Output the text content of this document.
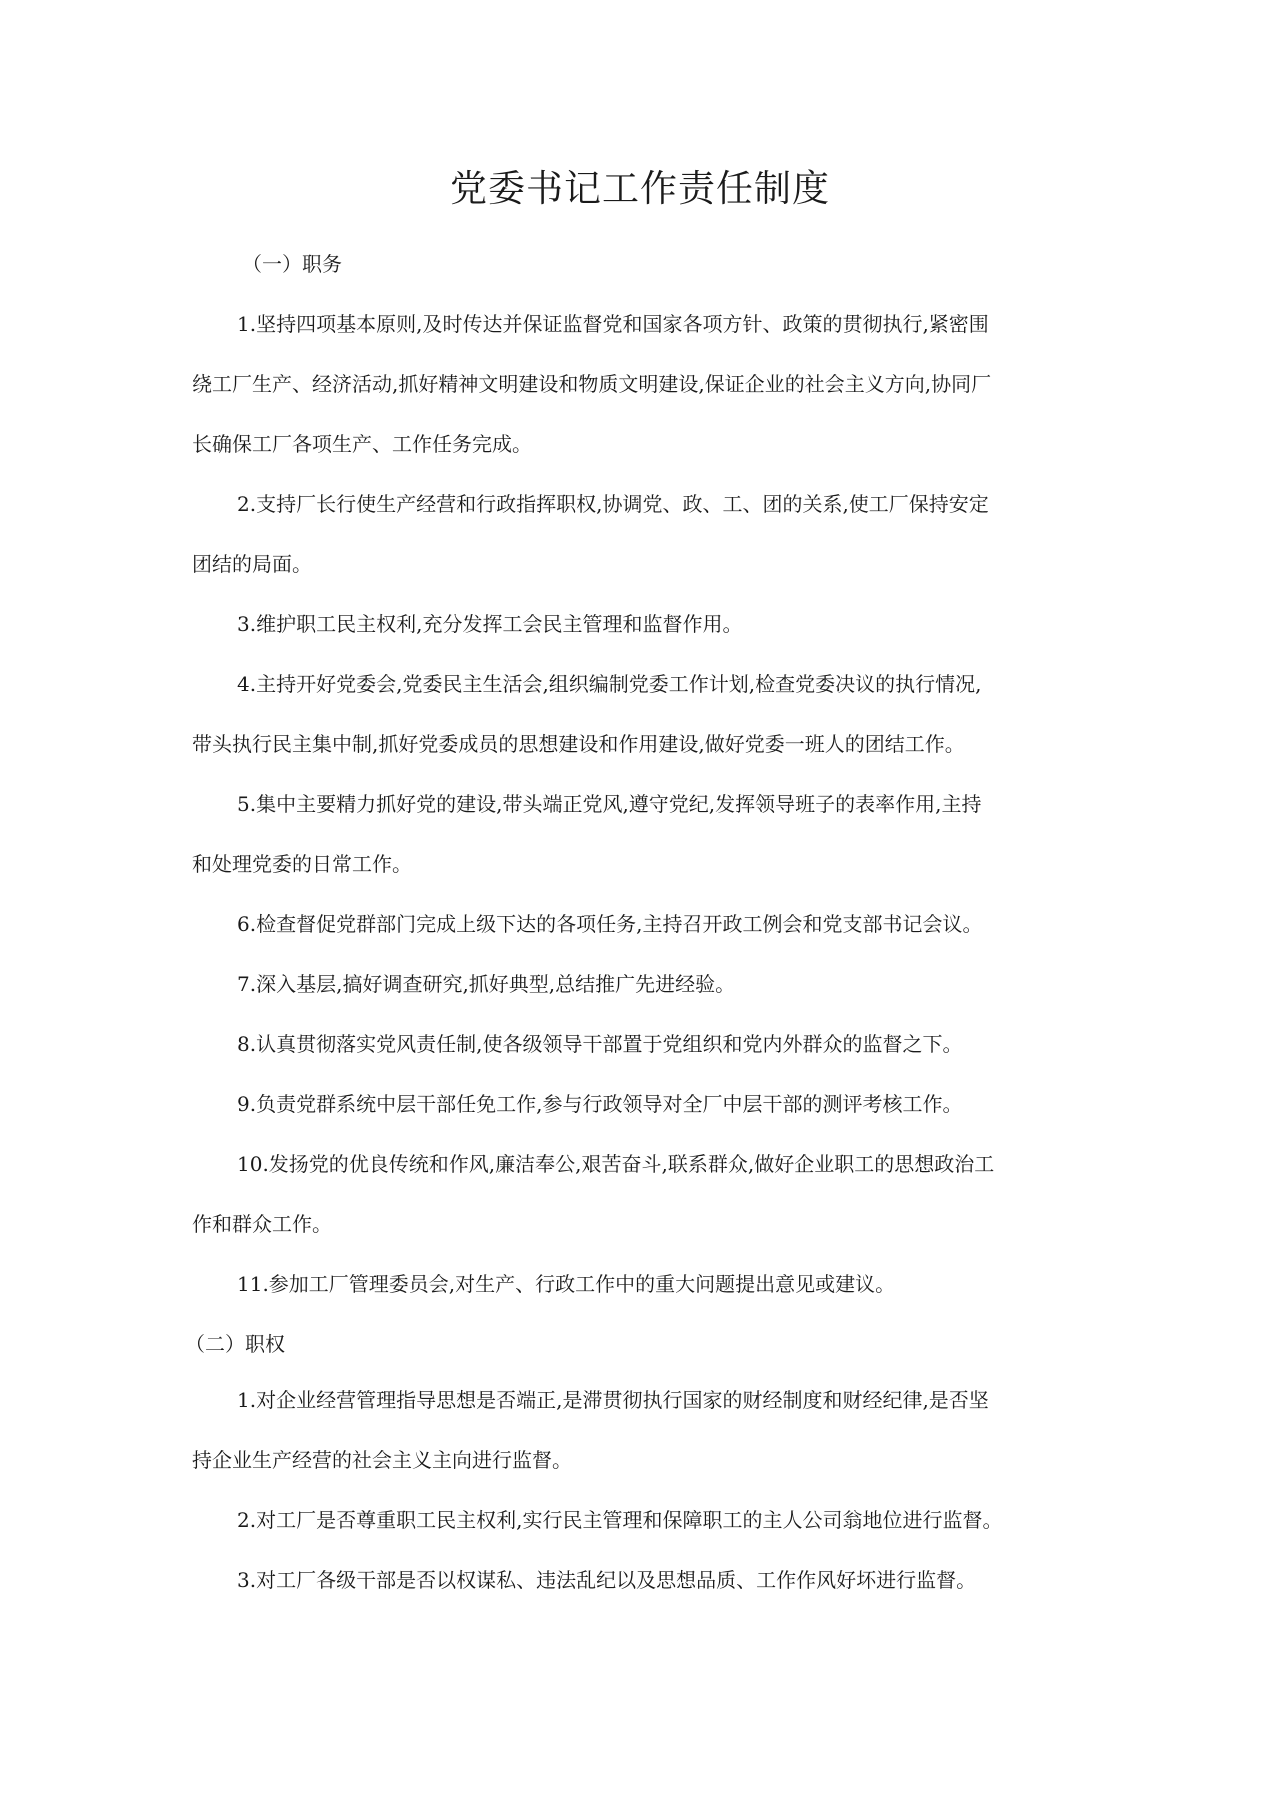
党委书记工作责任制度

（一）职务

1.坚持四项基本原则,及时传达并保证监督党和国家各项方针、政策的贯彻执行,紧密围
绕工厂生产、经济活动,抓好精神文明建设和物质文明建设,保证企业的社会主义方向,协同厂
长确保工厂各项生产、工作任务完成。

2.支持厂长行使生产经营和行政指挥职权,协调党、政、工、团的关系,使工厂保持安定
团结的局面。

3.维护职工民主权利,充分发挥工会民主管理和监督作用。

4.主持开好党委会,党委民主生活会,组织编制党委工作计划,检查党委决议的执行情况,
带头执行民主集中制,抓好党委成员的思想建设和作用建设,做好党委一班人的团结工作。

5.集中主要精力抓好党的建设,带头端正党风,遵守党纪,发挥领导班子的表率作用,主持
和处理党委的日常工作。

6.检查督促党群部门完成上级下达的各项任务,主持召开政工例会和党支部书记会议。

7.深入基层,搞好调查研究,抓好典型,总结推广先进经验。

8.认真贯彻落实党风责任制,使各级领导干部置于党组织和党内外群众的监督之下。

9.负责党群系统中层干部任免工作,参与行政领导对全厂中层干部的测评考核工作。

10.发扬党的优良传统和作风,廉洁奉公,艰苦奋斗,联系群众,做好企业职工的思想政治工
作和群众工作。

11.参加工厂管理委员会,对生产、行政工作中的重大问题提出意见或建议。

（二）职权

1.对企业经营管理指导思想是否端正,是滞贯彻执行国家的财经制度和财经纪律,是否坚
持企业生产经营的社会主义主向进行监督。

2.对工厂是否尊重职工民主权利,实行民主管理和保障职工的主人公司翁地位进行监督。

3.对工厂各级干部是否以权谋私、违法乱纪以及思想品质、工作作风好坏进行监督。
